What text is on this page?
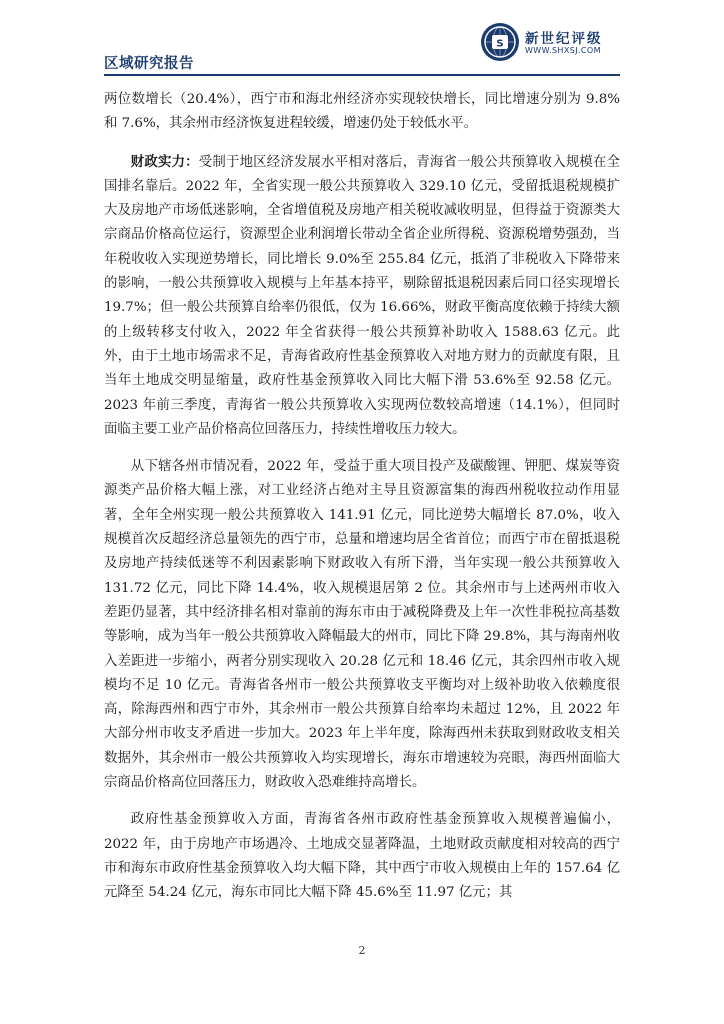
区域研究报告
S 新世纪评级
WWW.SHXSJ.COM

两位数增长（20.4%），西宁市和海北州经济亦实现较快增长，同比增速分别为 9.8% 和 7.6%，其余州市经济恢复进程较缓，增速仍处于较低水平。

财政实力：受制于地区经济发展水平相对落后，青海省一般公共预算收入规模在全国排名靠后。2022 年，全省实现一般公共预算收入 329.10 亿元，受留抵退税规模扩大及房地产市场低迷影响，全省增值税及房地产相关税收减收明显，但得益于资源类大宗商品价格高位运行，资源型企业利润增长带动全省企业所得税、资源税增势强劲，当年税收收入实现逆势增长，同比增长 9.0%至 255.84 亿元，抵消了非税收入下降带来的影响，一般公共预算收入规模与上年基本持平，剔除留抵退税因素后同口径实现增长 19.7%；但一般公共预算自给率仍很低，仅为 16.66%，财政平衡高度依赖于持续大额的上级转移支付收入，2022 年全省获得一般公共预算补助收入 1588.63 亿元。此外，由于土地市场需求不足，青海省政府性基金预算收入对地方财力的贡献度有限，且当年土地成交明显缩量，政府性基金预算收入同比大幅下滑 53.6%至 92.58 亿元。2023 年前三季度，青海省一般公共预算收入实现两位数较高增速（14.1%），但同时面临主要工业产品价格高位回落压力，持续性增收压力较大。

从下辖各州市情况看，2022 年，受益于重大项目投产及碳酸锂、钾肥、煤炭等资源类产品价格大幅上涨，对工业经济占绝对主导且资源富集的海西州税收拉动作用显著，全年全州实现一般公共预算收入 141.91 亿元，同比逆势大幅增长 87.0%，收入规模首次反超经济总量领先的西宁市，总量和增速均居全省首位；而西宁市在留抵退税及房地产持续低迷等不利因素影响下财政收入有所下滑，当年实现一般公共预算收入 131.72 亿元，同比下降 14.4%，收入规模退居第 2 位。其余州市与上述两州市收入差距仍显著，其中经济排名相对靠前的海东市由于减税降费及上年一次性非税拉高基数等影响，成为当年一般公共预算收入降幅最大的州市，同比下降 29.8%，其与海南州收入差距进一步缩小，两者分别实现收入 20.28 亿元和 18.46 亿元，其余四州市收入规模均不足 10 亿元。青海省各州市一般公共预算收支平衡均对上级补助收入依赖度很高，除海西州和西宁市外，其余州市一般公共预算自给率均未超过 12%，且 2022 年大部分州市收支矛盾进一步加大。2023 年上半年度，除海西州未获取到财政收支相关数据外，其余州市一般公共预算收入均实现增长，海东市增速较为亮眼，海西州面临大宗商品价格高位回落压力，财政收入恐难维持高增长。

政府性基金预算收入方面，青海省各州市政府性基金预算收入规模普遍偏小，2022 年，由于房地产市场遇冷、土地成交显著降温，土地财政贡献度相对较高的西宁市和海东市政府性基金预算收入均大幅下降，其中西宁市收入规模由上年的 157.64 亿元降至 54.24 亿元，海东市同比大幅下降 45.6%至 11.97 亿元；其

2
